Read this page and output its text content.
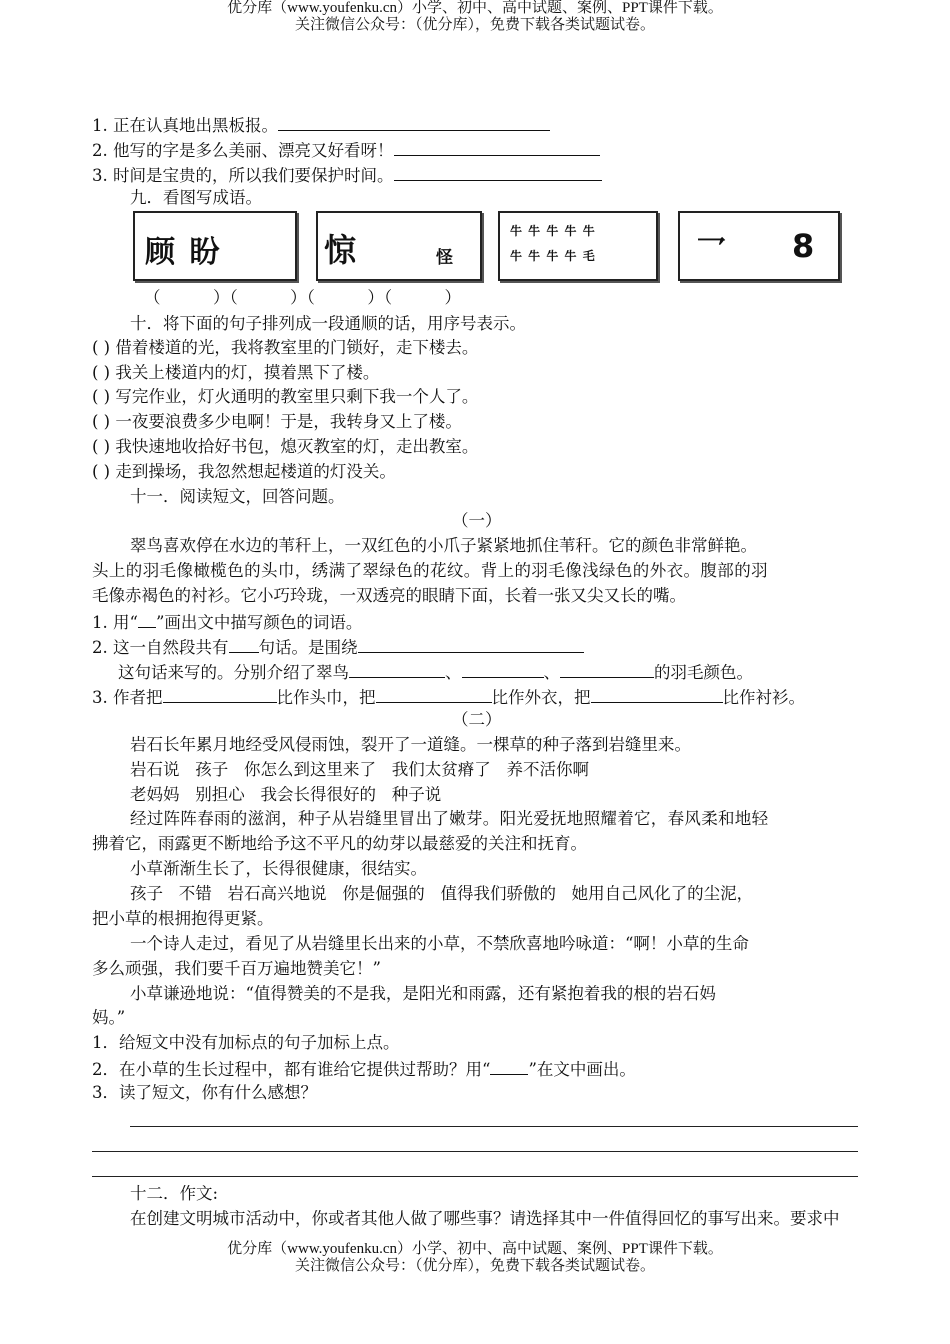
优分库（www.youfenku.cn）小学、初中、高中试题、案例、PPT课件下载。
关注微信公众号：（优分库），免费下载各类试题试卷。
1. 正在认真地出黑板报。
2. 他写的字是多么美丽、漂亮又好看呀！
3. 时间是宝贵的，所以我们要保护时间。
九．看图写成语。
顾 盼	惊	怪
牛 牛 牛 牛 牛
牛 牛 牛 牛 毛	乛 8
（          ）（          ）（          ）（          ）
十．将下面的句子排列成一段通顺的话，用序号表示。
( ) 借着楼道的光，我将教室里的门锁好，走下楼去。
( ) 我关上楼道内的灯，摸着黑下了楼。
( ) 写完作业，灯火通明的教室里只剩下我一个人了。
( ) 一夜要浪费多少电啊！于是，我转身又上了楼。
( ) 我快速地收拾好书包，熄灭教室的灯，走出教室。
( ) 走到操场，我忽然想起楼道的灯没关。
十一．阅读短文，回答问题。
（一）
翠鸟喜欢停在水边的苇秆上，一双红色的小爪子紧紧地抓住苇秆。它的颜色非常鲜艳。
头上的羽毛像橄榄色的头巾，绣满了翠绿色的花纹。背上的羽毛像浅绿色的外衣。腹部的羽
毛像赤褐色的衬衫。它小巧玲珑，一双透亮的眼睛下面，长着一张又尖又长的嘴。
1. 用“ ”画出文中描写颜色的词语。
2. 这一自然段共有 句话。是围绕
这句话来写的。分别介绍了翠鸟	、	、	的羽毛颜色。
3. 作者把	比作头巾，把	比作外衣，把	比作衬衫。
（二）
岩石长年累月地经受风侵雨蚀，裂开了一道缝。一棵草的种子落到岩缝里来。
岩石说   孩子   你怎么到这里来了   我们太贫瘠了   养不活你啊
老妈妈   别担心   我会长得很好的   种子说
经过阵阵春雨的滋润，种子从岩缝里冒出了嫩芽。阳光爱抚地照耀着它，春风柔和地轻
拂着它，雨露更不断地给予这不平凡的幼芽以最慈爱的关注和抚育。
小草渐渐生长了，长得很健康，很结实。
孩子   不错   岩石高兴地说   你是倔强的   值得我们骄傲的   她用自己风化了的尘泥，
把小草的根拥抱得更紧。
一个诗人走过，看见了从岩缝里长出来的小草，不禁欣喜地吟咏道：“啊！小草的生命
多么顽强，我们要千百万遍地赞美它！”
小草谦逊地说：“值得赞美的不是我，是阳光和雨露，还有紧抱着我的根的岩石妈
妈。”
1．给短文中没有加标点的句子加标上点。
2．在小草的生长过程中，都有谁给它提供过帮助？用“ ”在文中画出。
3．读了短文，你有什么感想？
十二．作文:
在创建文明城市活动中，你或者其他人做了哪些事？请选择其中一件值得回忆的事写出来。要求中
优分库（www.youfenku.cn）小学、初中、高中试题、案例、PPT课件下载。
关注微信公众号：（优分库），免费下载各类试题试卷。
